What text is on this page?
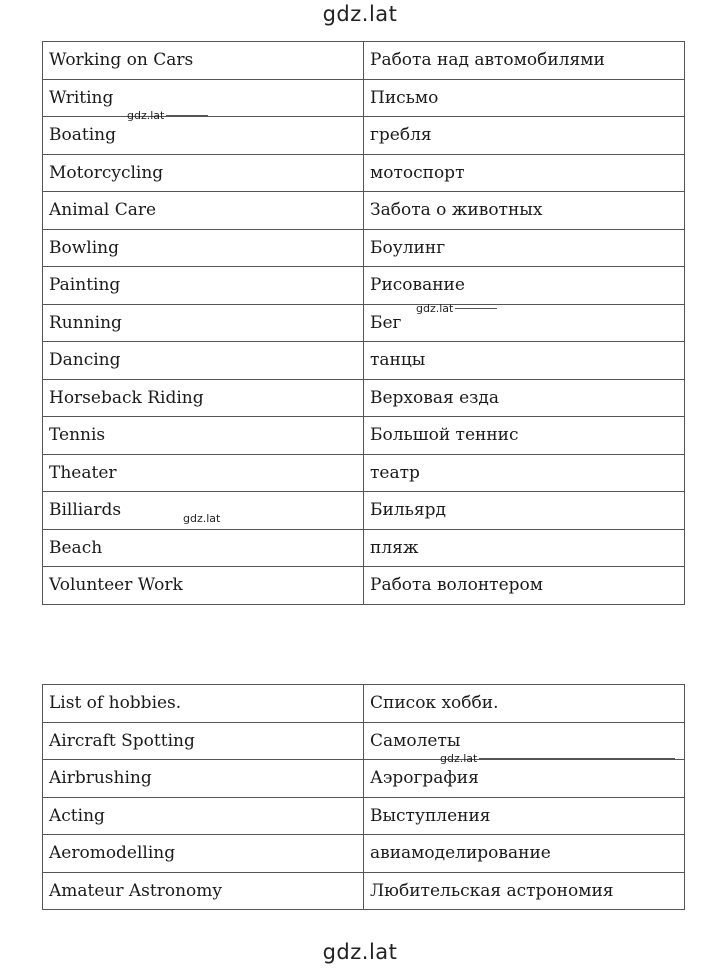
gdz.lat
Working on Cars	Работа над автомобилями
Writing	Письмо
Boating	гребля
Motorcycling	мотоспорт
Animal Care	Забота о животных
Bowling	Боулинг
Painting	Рисование
Running	Бег
Dancing	танцы
Horseback Riding	Верховая езда
Tennis	Большой теннис
Theater	театр
Billiards	Бильярд
Beach	пляж
Volunteer Work	Работа волонтером
List of hobbies.	Список хобби.
Aircraft Spotting	Самолеты
Airbrushing	Аэрография
Acting	Выступления
Aeromodelling	авиамоделирование
Amateur Astronomy	Любительская астрономия
gdz.lat
gdz.lat
gdz.lat
gdz.lat
gdz.lat
